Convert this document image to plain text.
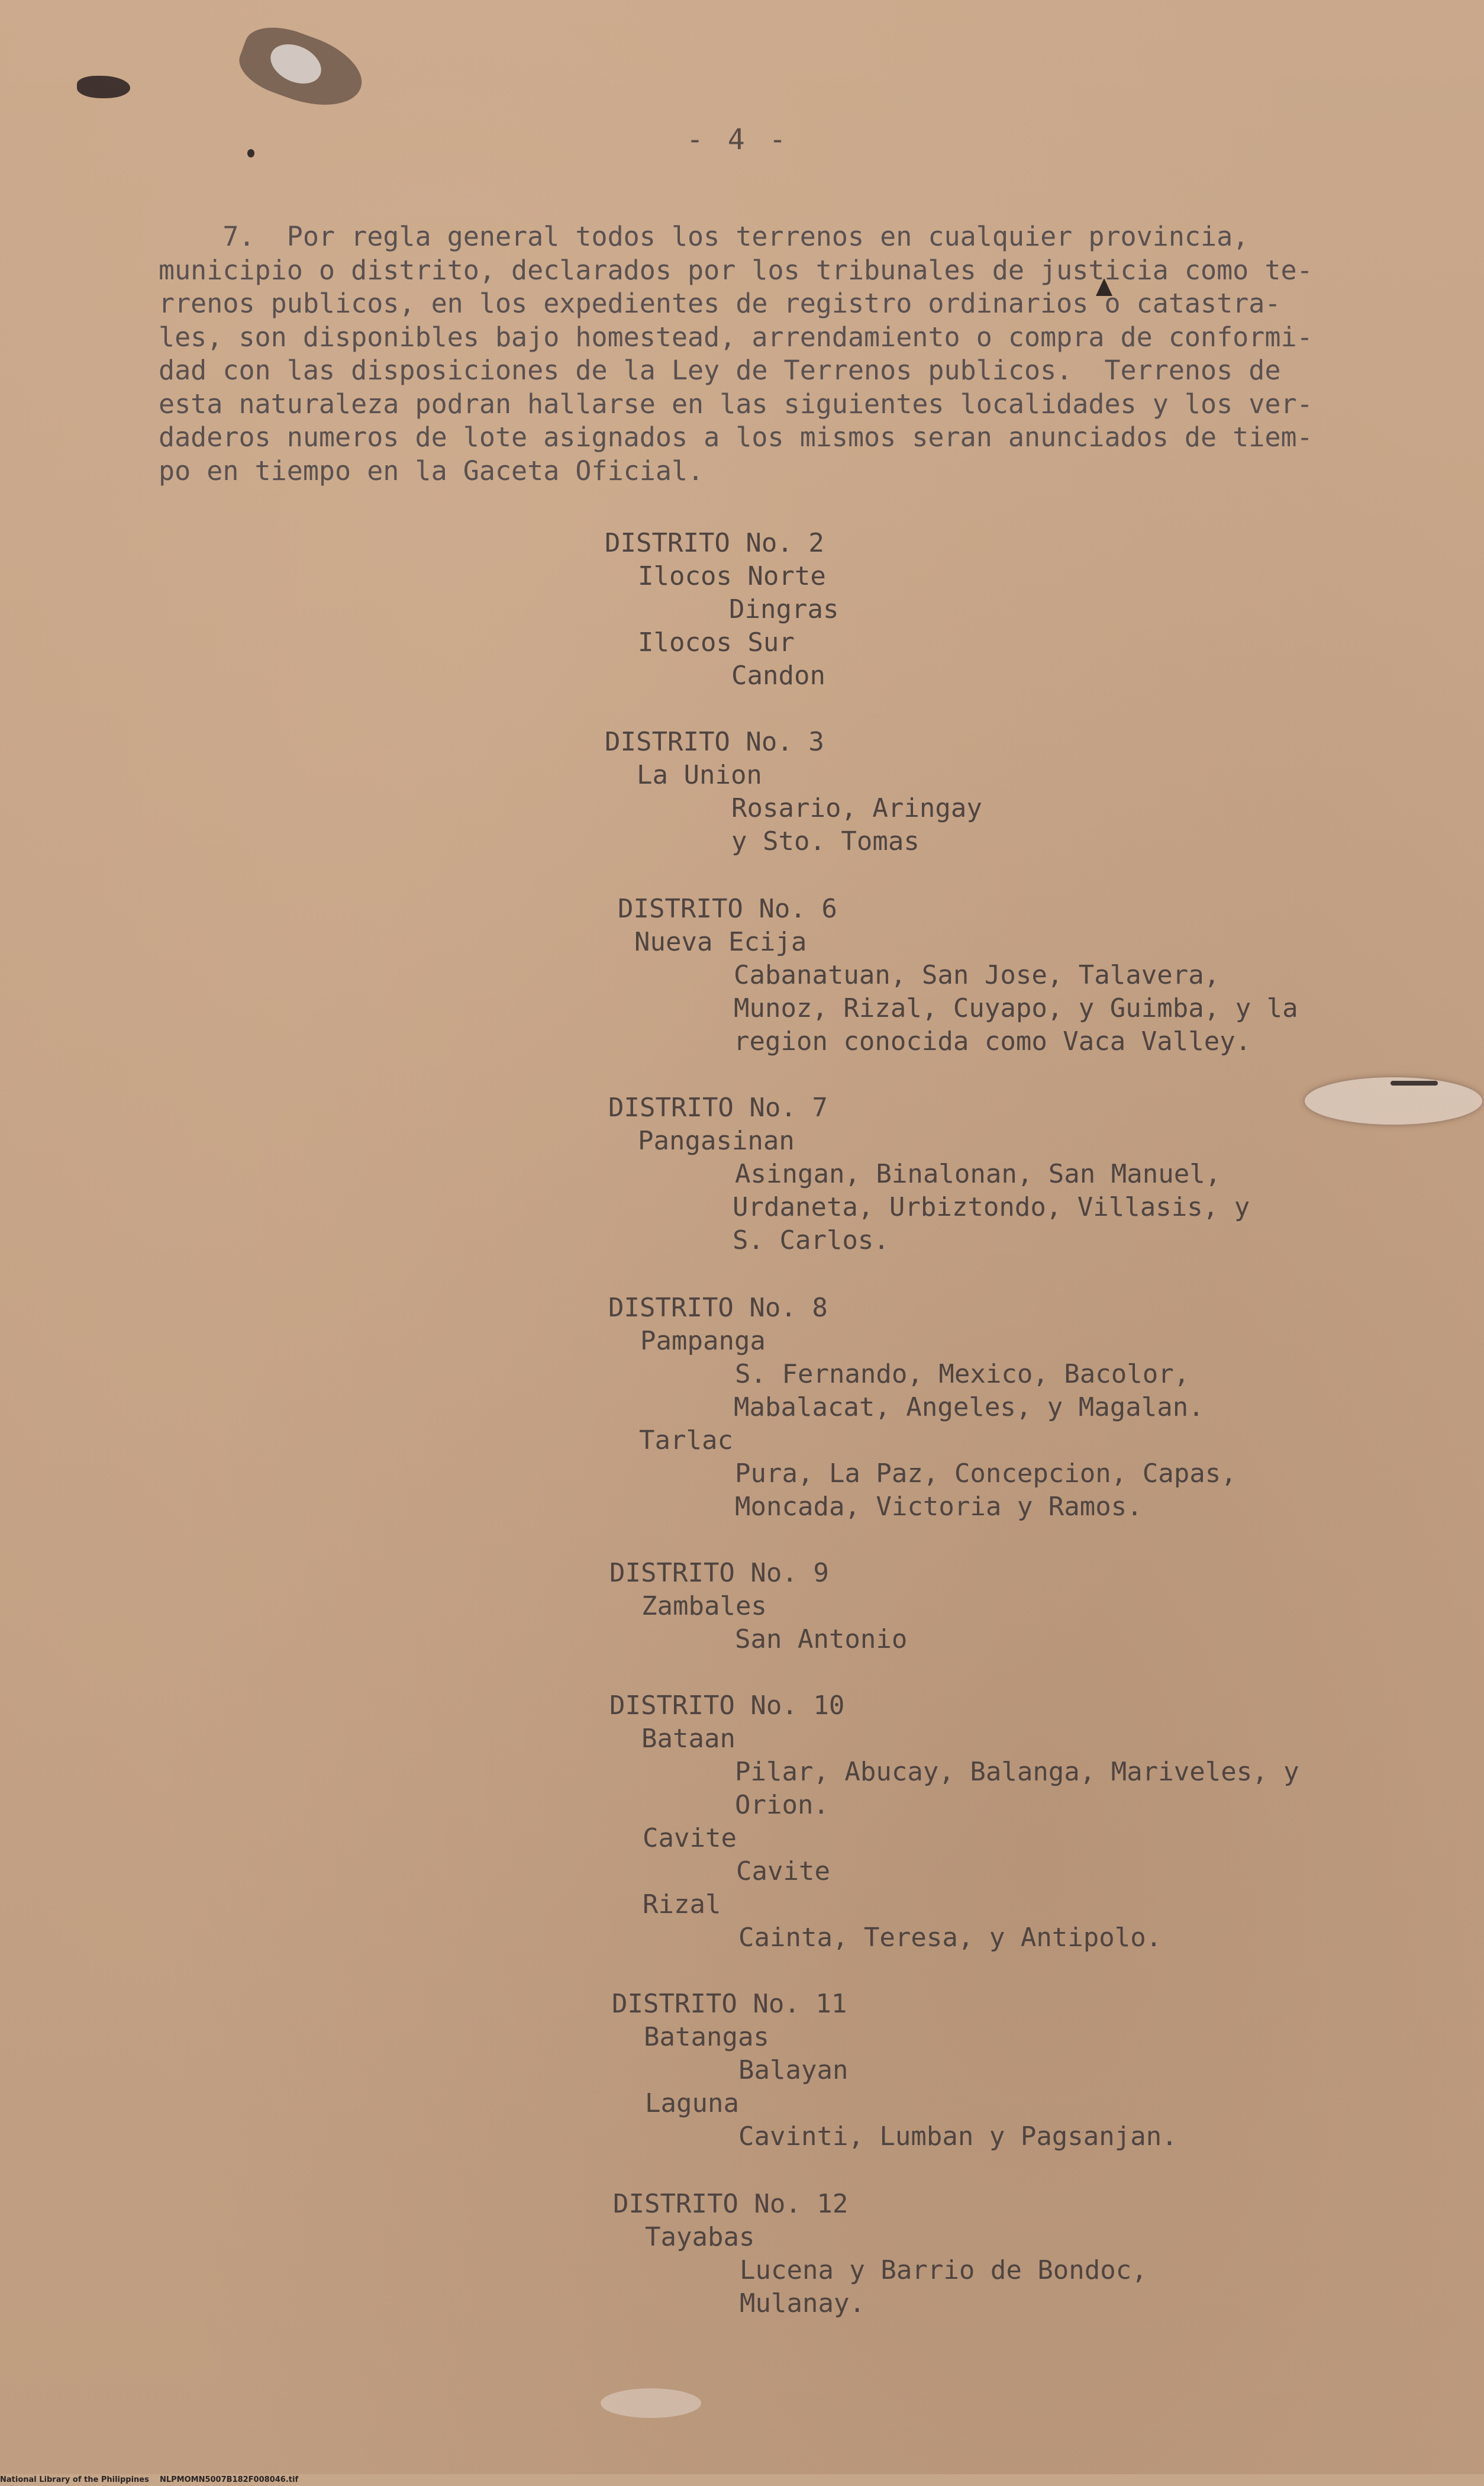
- 4 -
7.  Por regla general todos los terrenos en cualquier provincia,
municipio o distrito, declarados por los tribunales de justicia como te-
rrenos publicos, en los expedientes de registro ordinarios o catastra-
les, son disponibles bajo homestead, arrendamiento o compra de conformi-
dad con las disposiciones de la Ley de Terrenos publicos.  Terrenos de
esta naturaleza podran hallarse en las siguientes localidades y los ver-
daderos numeros de lote asignados a los mismos seran anunciados de tiem-
po en tiempo en la Gaceta Oficial.
DISTRITO No. 2
Ilocos Norte
Dingras
Ilocos Sur
Candon
DISTRITO No. 3
La Union
Rosario, Aringay
y Sto. Tomas
DISTRITO No. 6
Nueva Ecija
Cabanatuan, San Jose, Talavera,
Munoz, Rizal, Cuyapo, y Guimba, y la
region conocida como Vaca Valley.
DISTRITO No. 7
Pangasinan
Asingan, Binalonan, San Manuel,
Urdaneta, Urbiztondo, Villasis, y
S. Carlos.
DISTRITO No. 8
Pampanga
S. Fernando, Mexico, Bacolor,
Mabalacat, Angeles, y Magalan.
Tarlac
Pura, La Paz, Concepcion, Capas,
Moncada, Victoria y Ramos.
DISTRITO No. 9
Zambales
San Antonio
DISTRITO No. 10
Bataan
Pilar, Abucay, Balanga, Mariveles, y
Orion.
Cavite
Cavite
Rizal
Cainta, Teresa, y Antipolo.
DISTRITO No. 11
Batangas
Balayan
Laguna
Cavinti, Lumban y Pagsanjan.
DISTRITO No. 12
Tayabas
Lucena y Barrio de Bondoc,
Mulanay.
National Library of the Philippines    NLPMOMN5007B182F008046.tif
